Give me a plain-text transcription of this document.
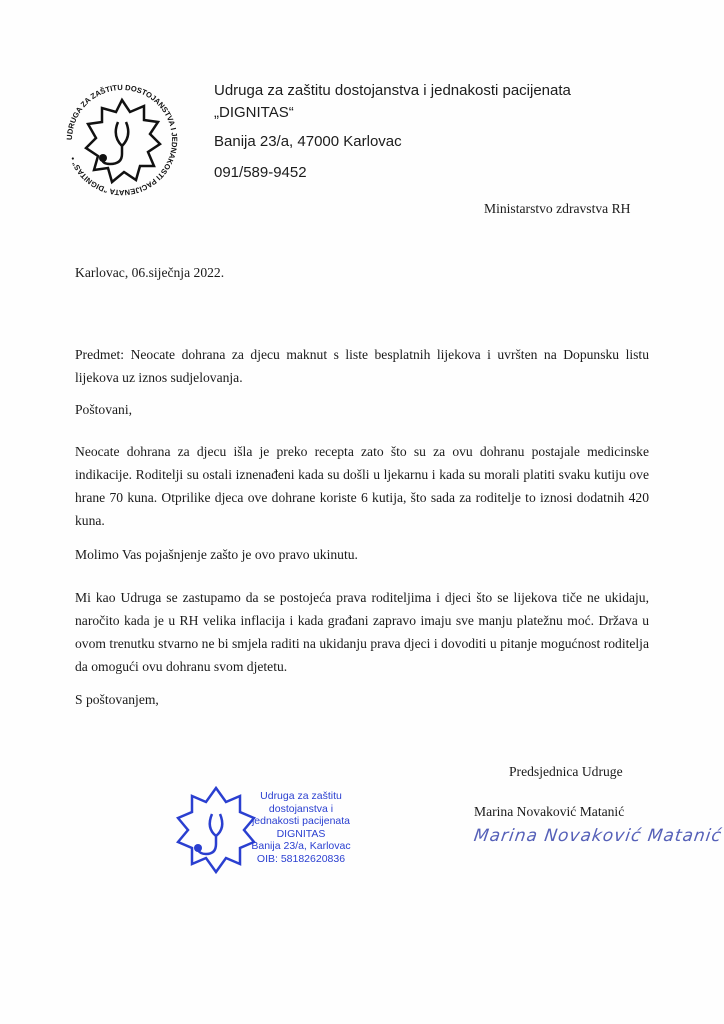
UDRUGA ZA ZAŠTITU DOSTOJANSTVA I JEDNAKOSTI PACIJENATA "DIGNITAS" •
Udruga za zaštitu dostojanstva i jednakosti pacijenata
„DIGNITAS“
Banija 23/a, 47000 Karlovac
091/589-9452
Ministarstvo zdravstva RH
Karlovac, 06.siječnja 2022.
Predmet: Neocate dohrana za djecu maknut s liste besplatnih lijekova i uvršten na Dopunsku listu lijekova uz iznos sudjelovanja.
Poštovani,
Neocate dohrana za djecu išla je preko recepta zato što su za ovu dohranu postajale medicinske indikacije. Roditelji su ostali iznenađeni kada su došli u ljekarnu i kada su morali platiti svaku kutiju ove hrane 70 kuna. Otprilike djeca ove dohrane koriste 6 kutija, što sada za roditelje to iznosi dodatnih 420 kuna.
Molimo Vas pojašnjenje zašto je ovo pravo ukinutu.
Mi kao Udruga se zastupamo da se postojeća prava roditeljima i djeci što se lijekova tiče ne ukidaju, naročito kada je u RH velika inflacija i kada građani zapravo imaju sve manju platežnu moć. Država u ovom trenutku stvarno ne bi smjela raditi na ukidanju prava djeci i dovoditi u pitanje mogućnost roditelja da omogući ovu dohranu svom djetetu.
S poštovanjem,
Udruga za zaštitu
dostojanstva i
jednakosti pacijenata
DIGNITAS
Banija 23/a, Karlovac
OIB: 58182620836
Predsjednica Udruge
Marina Novaković Matanić
Marina Novaković Matanić
